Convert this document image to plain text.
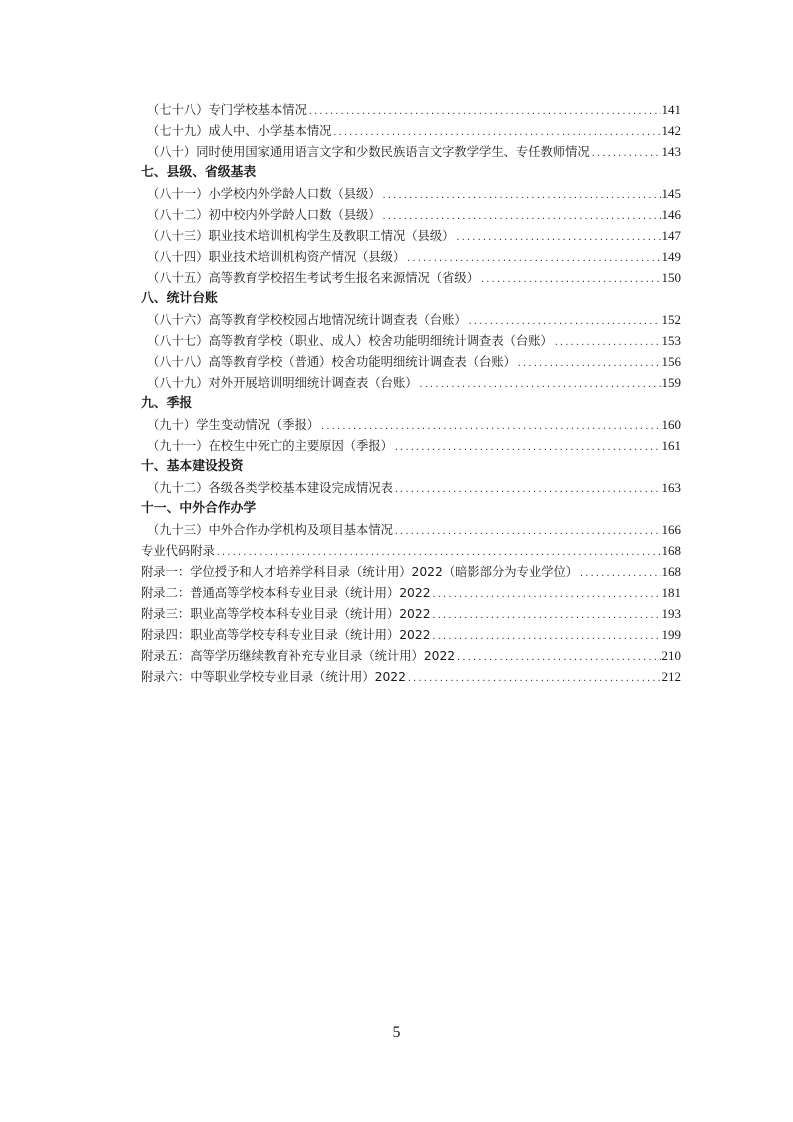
（七十八）专门学校基本情况 .....	141
（七十九）成人中、小学基本情况 .....	142
（八十）同时使用国家通用语言文字和少数民族语言文字教学学生、专任教师情况 .....	143
七、县级、省级基表
（八十一）小学校内外学龄人口数（县级） .....	145
（八十二）初中校内外学龄人口数（县级） .....	146
（八十三）职业技术培训机构学生及教职工情况（县级） .....	147
（八十四）职业技术培训机构资产情况（县级） .....	149
（八十五）高等教育学校招生考试考生报名来源情况（省级） .....	150
八、统计台账
（八十六）高等教育学校校园占地情况统计调查表（台账） .....	152
（八十七）高等教育学校（职业、成人）校舍功能明细统计调查表（台账） .....	153
（八十八）高等教育学校（普通）校舍功能明细统计调查表（台账） .....	156
（八十九）对外开展培训明细统计调查表（台账） .....	159
九、季报
（九十）学生变动情况（季报） .....	160
（九十一）在校生中死亡的主要原因（季报） .....	161
十、基本建设投资
（九十二）各级各类学校基本建设完成情况表 .....	163
十一、中外合作办学
（九十三）中外合作办学机构及项目基本情况 .....	166
专业代码附录 .....	168
附录一：学位授予和人才培养学科目录（统计用）2022（暗影部分为专业学位） .....	168
附录二：普通高等学校本科专业目录（统计用）2022 .....	181
附录三：职业高等学校本科专业目录（统计用）2022 .....	193
附录四：职业高等学校专科专业目录（统计用）2022 .....	199
附录五：高等学历继续教育补充专业目录（统计用）2022 .....	210
附录六：中等职业学校专业目录（统计用）2022 .....	212
5
